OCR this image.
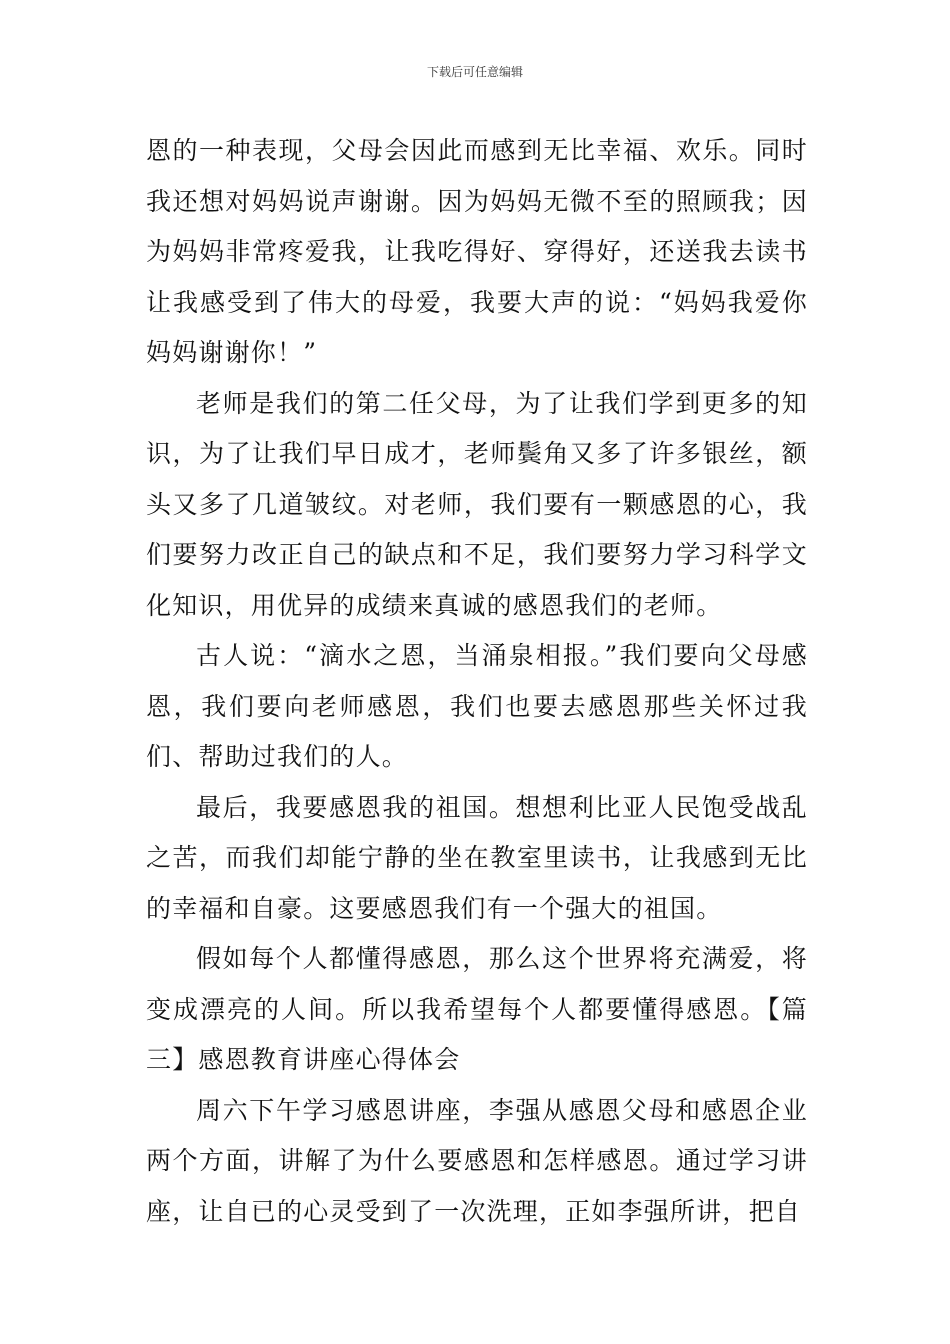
下载后可任意编辑

恩的一种表现，父母会因此而感到无比幸福、欢乐。同时我还想对妈妈说声谢谢。因为妈妈无微不至的照顾我；因为妈妈非常疼爱我，让我吃得好、穿得好，还送我去读书让我感受到了伟大的母爱，我要大声的说：“妈妈我爱你妈妈谢谢你！”

老师是我们的第二任父母，为了让我们学到更多的知识，为了让我们早日成才，老师鬓角又多了许多银丝，额头又多了几道皱纹。对老师，我们要有一颗感恩的心，我们要努力改正自己的缺点和不足，我们要努力学习科学文化知识，用优异的成绩来真诚的感恩我们的老师。

古人说：“滴水之恩，当涌泉相报。”我们要向父母感恩，我们要向老师感恩，我们也要去感恩那些关怀过我们、帮助过我们的人。

最后，我要感恩我的祖国。想想利比亚人民饱受战乱之苦，而我们却能宁静的坐在教室里读书，让我感到无比的幸福和自豪。这要感恩我们有一个强大的祖国。

假如每个人都懂得感恩，那么这个世界将充满爱，将变成漂亮的人间。所以我希望每个人都要懂得感恩。【篇三】感恩教育讲座心得体会

周六下午学习感恩讲座，李强从感恩父母和感恩企业两个方面，讲解了为什么要感恩和怎样感恩。通过学习讲座，让自已的心灵受到了一次洗理，正如李强所讲，把自
